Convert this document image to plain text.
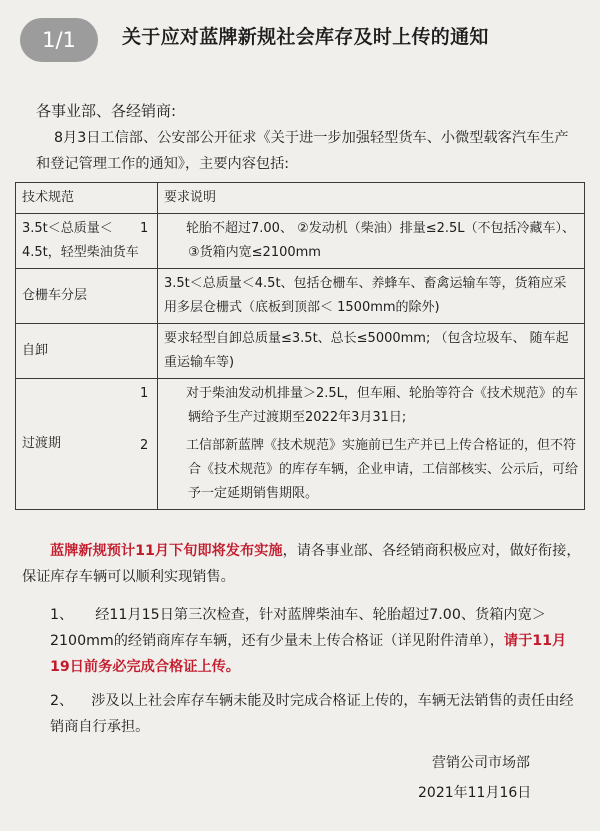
1/1	关于应对蓝牌新规社会库存及时上传的通知
各事业部、各经销商:
8月3日工信部、公安部公开征求《关于进一步加强轻型货车、小微型载客汽车生产和登记管理工作的通知》，主要内容包括:
技术规范	要求说明
3.5t＜总质量＜4.5t，轻型柴油货车	1 轮胎不超过7.00、 ②发动机（柴油）排量≤2.5L（不包括冷藏车）、③货箱内宽≤2100mm

仓栅车分层	3.5t＜总质量＜4.5t、包括仓栅车、养蜂车、畜禽运输车等，货箱应采用多层仓栅式（底板到顶部＜ 1500mm的除外)
自卸	要求轻型自卸总质量≤3.5t、总长≤5000mm; （包含垃圾车、 随车起重运输车等)
过渡期	1 对于柴油发动机排量＞2.5L，但车厢、轮胎等符合《技术规范》的车辆给予生产过渡期至2022年3月31日;
2 工信部新蓝牌《技术规范》实施前已生产并已上传合格证的，但不符合《技术规范》的库存车辆，企业申请，工信部核实、公示后，可给予一定延期销售期限。
蓝牌新规预计11月下旬即将发布实施，请各事业部、各经销商积极应对，做好衔接，保证库存车辆可以顺利实现销售。
1、 经11月15日第三次检查，针对蓝牌柴油车、轮胎超过7.00、货箱内宽＞2100mm的经销商库存车辆，还有少量未上传合格证（详见附件清单），请于11月19日前务必完成合格证上传。
2、 涉及以上社会库存车辆未能及时完成合格证上传的，车辆无法销售的责任由经销商自行承担。
营销公司市场部
2021年11月16日
